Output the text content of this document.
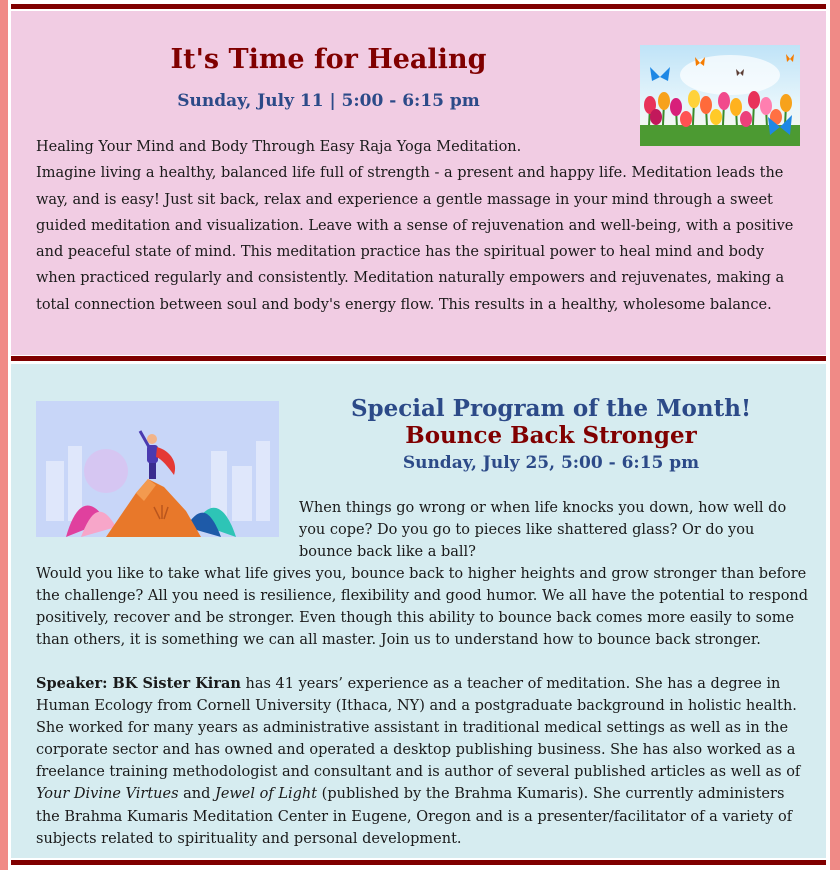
It's Time for Healing
Sunday, July 11 | 5:00 - 6:15 pm

Healing Your Mind and Body Through Easy Raja Yoga Meditation.

Imagine living a healthy, balanced life full of strength - a present and happy life. Meditation leads the way, and is easy! Just sit back, relax and experience a gentle massage in your mind through a sweet guided meditation and visualization. Leave with a sense of rejuvenation and well-being, with a positive and peaceful state of mind. This meditation practice has the spiritual power to heal mind and body when practiced regularly and consistently. Meditation naturally empowers and rejuvenates, making a total connection between soul and body's energy flow. This results in a healthy, wholesome balance.

Special Program of the Month!
Bounce Back Stronger
Sunday, July 25, 5:00 - 6:15 pm

When things go wrong or when life knocks you down, how well do you cope? Do you go to pieces like shattered glass? Or do you bounce back like a ball?

Would you like to take what life gives you, bounce back to higher heights and grow stronger than before the challenge? All you need is resilience, flexibility and good humor. We all have the potential to respond positively, recover and be stronger. Even though this ability to bounce back comes more easily to some than others, it is something we can all master. Join us to understand how to bounce back stronger.

Speaker: BK Sister Kiran has 41 years’ experience as a teacher of meditation. She has a degree in Human Ecology from Cornell University (Ithaca, NY) and a postgraduate background in holistic health. She worked for many years as administrative assistant in traditional medical settings as well as in the corporate sector and has owned and operated a desktop publishing business. She has also worked as a freelance training methodologist and consultant and is author of several published articles as well as of Your Divine Virtues and Jewel of Light (published by the Brahma Kumaris). She currently administers the Brahma Kumaris Meditation Center in Eugene, Oregon and is a presenter/facilitator of a variety of subjects related to spirituality and personal development.
